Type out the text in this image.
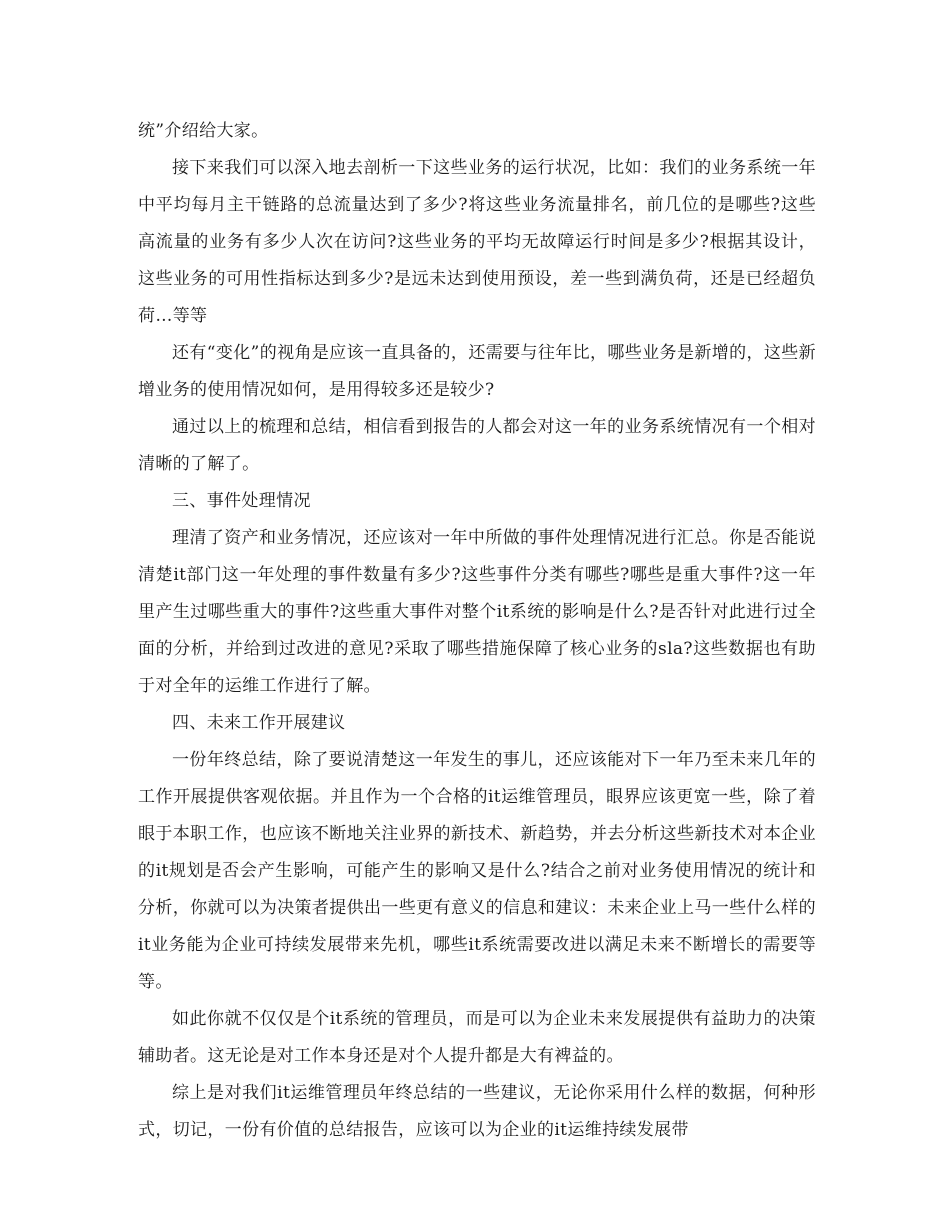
统”介绍给大家。

接下来我们可以深入地去剖析一下这些业务的运行状况，比如：我们的业务系统一年中平均每月主干链路的总流量达到了多少?将这些业务流量排名，前几位的是哪些?这些高流量的业务有多少人次在访问?这些业务的平均无故障运行时间是多少?根据其设计，这些业务的可用性指标达到多少?是远未达到使用预设，差一些到满负荷，还是已经超负荷…等等

还有“变化”的视角是应该一直具备的，还需要与往年比，哪些业务是新增的，这些新增业务的使用情况如何，是用得较多还是较少?

通过以上的梳理和总结，相信看到报告的人都会对这一年的业务系统情况有一个相对清晰的了解了。

三、事件处理情况

理清了资产和业务情况，还应该对一年中所做的事件处理情况进行汇总。你是否能说清楚it部门这一年处理的事件数量有多少?这些事件分类有哪些?哪些是重大事件?这一年里产生过哪些重大的事件?这些重大事件对整个it系统的影响是什么?是否针对此进行过全面的分析，并给到过改进的意见?采取了哪些措施保障了核心业务的sla?这些数据也有助于对全年的运维工作进行了解。

四、未来工作开展建议

一份年终总结，除了要说清楚这一年发生的事儿，还应该能对下一年乃至未来几年的工作开展提供客观依据。并且作为一个合格的it运维管理员，眼界应该更宽一些，除了着眼于本职工作，也应该不断地关注业界的新技术、新趋势，并去分析这些新技术对本企业的it规划是否会产生影响，可能产生的影响又是什么?结合之前对业务使用情况的统计和分析，你就可以为决策者提供出一些更有意义的信息和建议：未来企业上马一些什么样的it业务能为企业可持续发展带来先机，哪些it系统需要改进以满足未来不断增长的需要等等。

如此你就不仅仅是个it系统的管理员，而是可以为企业未来发展提供有益助力的决策辅助者。这无论是对工作本身还是对个人提升都是大有裨益的。

综上是对我们it运维管理员年终总结的一些建议，无论你采用什么样的数据，何种形式，切记，一份有价值的总结报告，应该可以为企业的it运维持续发展带
